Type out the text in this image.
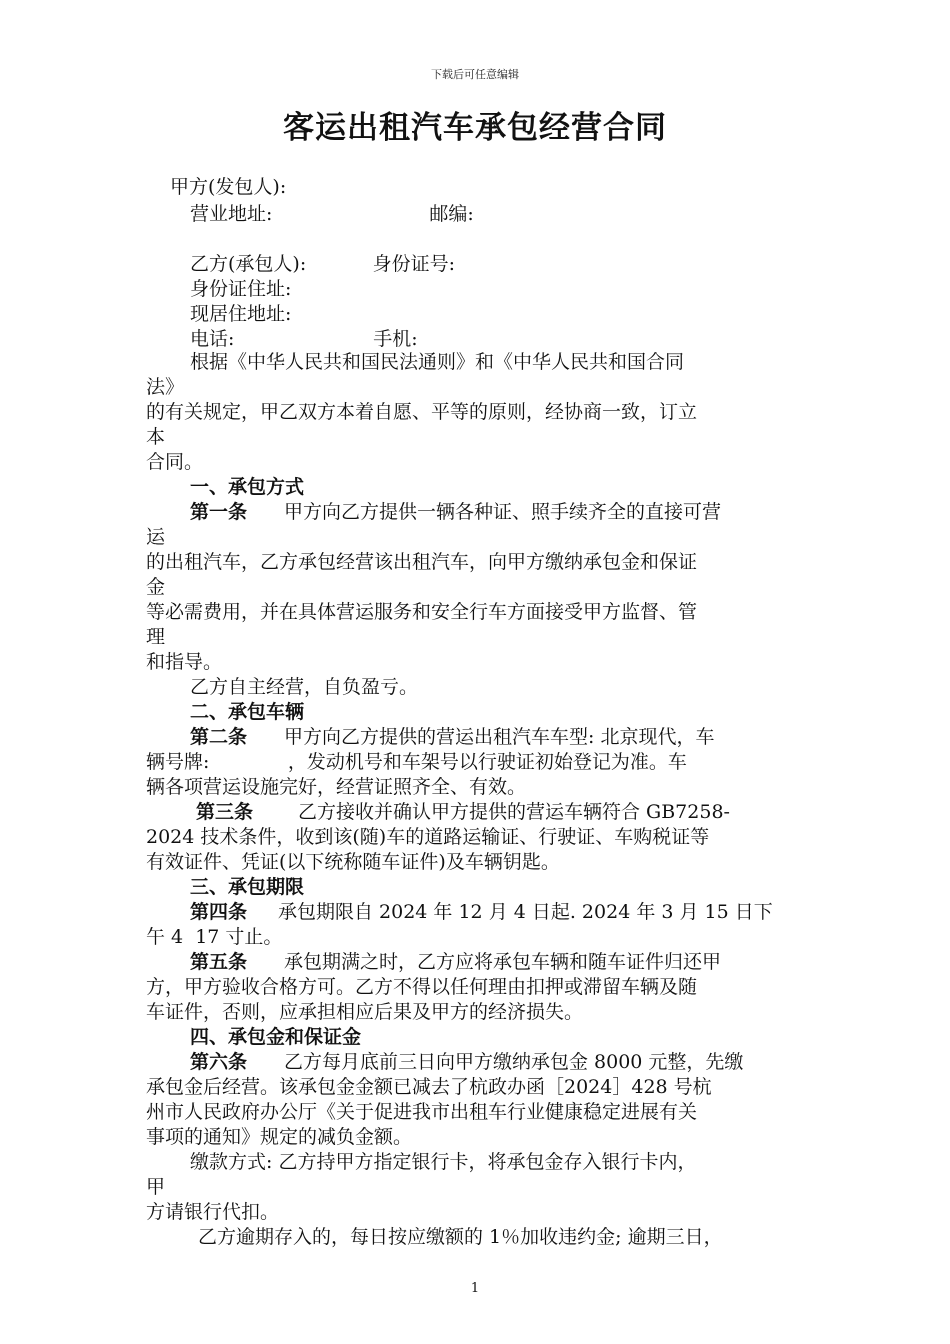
下载后可任意编辑
客运出租汽车承包经营合同
甲方(发包人):
营业地址:                          邮编:
乙方(承包人):           身份证号:
身份证住址:
现居住地址:
电话:                       手机:
根据《中华人民共和国民法通则》和《中华人民共和国合同
法》
的有关规定，甲乙双方本着自愿、平等的原则，经协商一致，订立
本
合同。
一、承包方式
第一条 甲方向乙方提供一辆各种证、照手续齐全的直接可营
运
的出租汽车，乙方承包经营该出租汽车，向甲方缴纳承包金和保证
金
等必需费用，并在具体营运服务和安全行车方面接受甲方监督、管
理
和指导。
乙方自主经营，自负盈亏。
二、承包车辆
第二条 甲方向乙方提供的营运出租汽车车型: 北京现代，车
辆号牌:             ，发动机号和车架号以行驶证初始登记为准。车
辆各项营运设施完好，经营证照齐全、有效。
第三条 乙方接收并确认甲方提供的营运车辆符合 GB7258-
2024 技术条件，收到该(随)车的道路运输证、行驶证、车购税证等
有效证件、凭证(以下统称随车证件)及车辆钥匙。
三、承包期限
第四条 承包期限自 2024 年 12 月 4 日起. 2024 年 3 月 15 日下
午 4  17 寸止。
第五条 承包期满之时，乙方应将承包车辆和随车证件归还甲
方，甲方验收合格方可。乙方不得以任何理由扣押或滞留车辆及随
车证件，否则，应承担相应后果及甲方的经济损失。
四、承包金和保证金
第六条 乙方每月底前三日向甲方缴纳承包金 8000 元整，先缴
承包金后经营。该承包金金额已减去了杭政办函［2024］428 号杭
州市人民政府办公厅《关于促进我市出租车行业健康稳定进展有关
事项的通知》规定的减负金额。
缴款方式: 乙方持甲方指定银行卡，将承包金存入银行卡内，
甲
方请银行代扣。
乙方逾期存入的，每日按应缴额的 1％加收违约金; 逾期三日，
1
